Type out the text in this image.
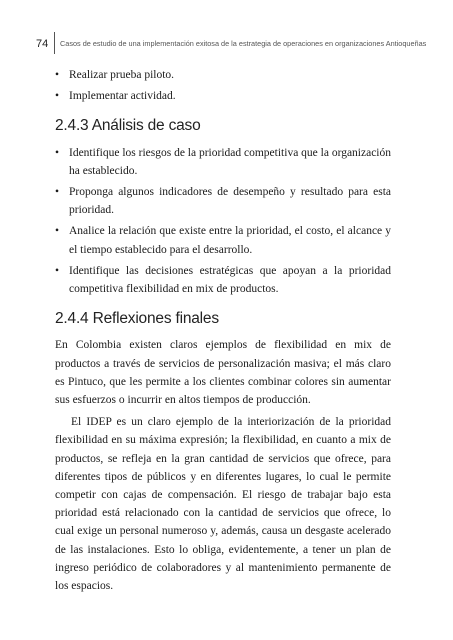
74 Casos de estudio de una implementación exitosa de la estrategia de operaciones en organizaciones Antioqueñas
• Realizar prueba piloto.
• Implementar actividad.
2.4.3 Análisis de caso
• Identifique los riesgos de la prioridad competitiva que la organización ha establecido.
• Proponga algunos indicadores de desempeño y resultado para esta prioridad.
• Analice la relación que existe entre la prioridad, el costo, el alcance y el tiempo establecido para el desarrollo.
• Identifique las decisiones estratégicas que apoyan a la prioridad competitiva flexibilidad en mix de productos.
2.4.4 Reflexiones finales

En Colombia existen claros ejemplos de flexibilidad en mix de productos a través de servicios de personalización masiva; el más claro es Pintuco, que les permite a los clientes combinar colores sin aumentar sus esfuerzos o incurrir en altos tiempos de producción.

El IDEP es un claro ejemplo de la interiorización de la prioridad flexibilidad en su máxima expresión; la flexibilidad, en cuanto a mix de productos, se refleja en la gran cantidad de servicios que ofrece, para diferentes tipos de públicos y en diferentes lugares, lo cual le permite competir con cajas de compensación. El riesgo de trabajar bajo esta prioridad está relacionado con la cantidad de servicios que ofrece, lo cual exige un personal numeroso y, además, causa un desgaste acelerado de las instalaciones. Esto lo obliga, evidentemente, a tener un plan de ingreso periódico de colaboradores y al mantenimiento permanente de los espacios.
